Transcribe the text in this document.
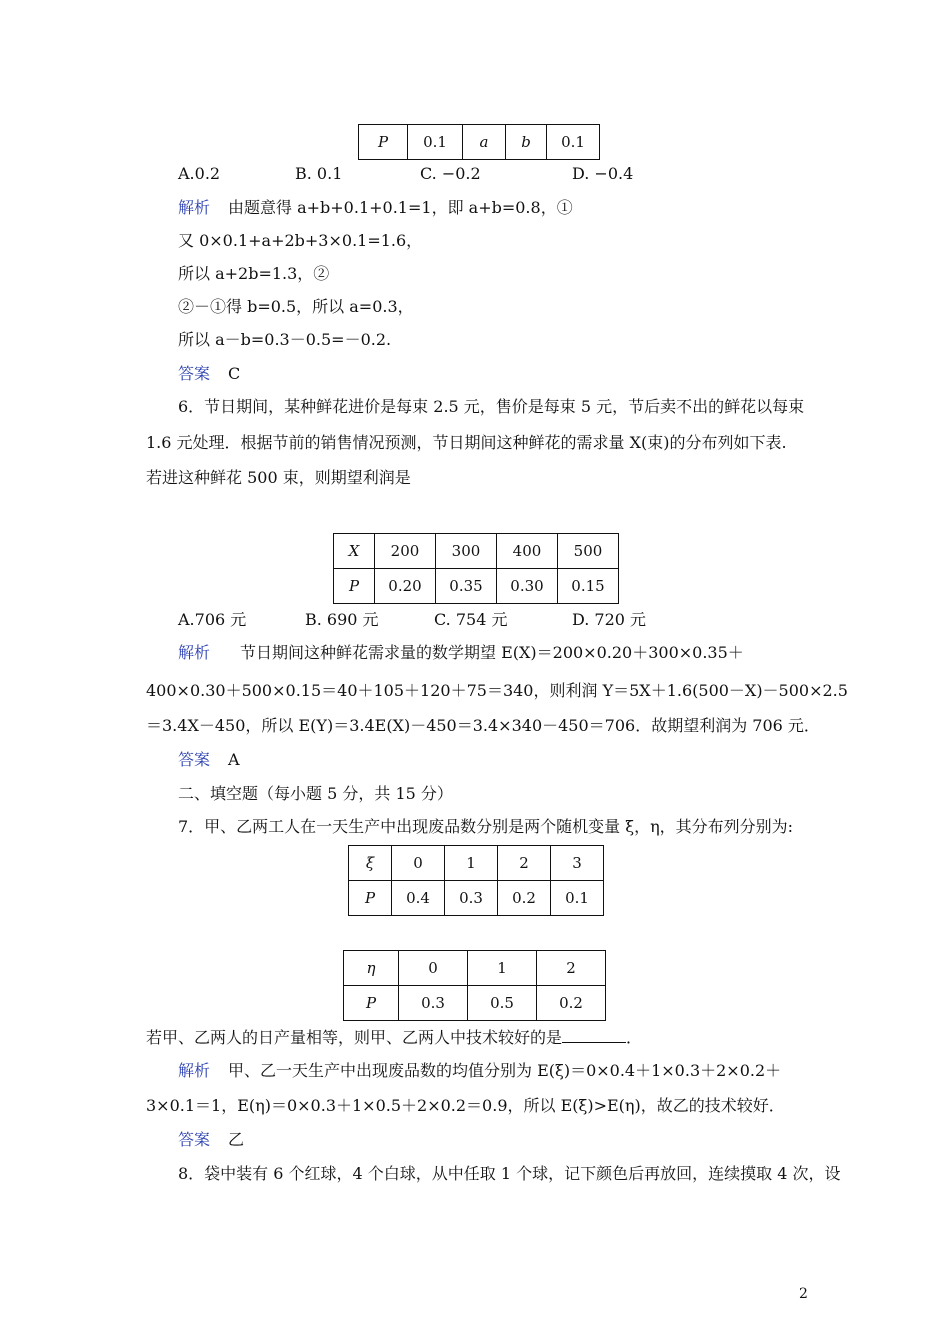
P	0.1	a	b	0.1
A.0.2	B. 0.1	C. −0.2	D. −0.4
解析 由题意得 a+b+0.1+0.1=1，即 a+b=0.8，①
又 0×0.1+a+2b+3×0.1=1.6，
所以 a+2b=1.3，②
②－①得 b=0.5，所以 a=0.3，
所以 a－b=0.3－0.5=－0.2.
答案 C
6．节日期间，某种鲜花进价是每束 2.5 元，售价是每束 5 元，节后卖不出的鲜花以每束
1.6 元处理．根据节前的销售情况预测，节日期间这种鲜花的需求量 X(束)的分布列如下表.
若进这种鲜花 500 束，则期望利润是
X	200	300	400	500
P	0.20	0.35	0.30	0.15
A.706 元	B. 690 元	C. 754 元	D. 720 元
解析 节日期间这种鲜花需求量的数学期望 E(X)＝200×0.20＋300×0.35＋
400×0.30＋500×0.15＝40＋105＋120＋75＝340，则利润 Y＝5X＋1.6(500－X)－500×2.5
＝3.4X－450，所以 E(Y)＝3.4E(X)－450＝3.4×340－450＝706．故期望利润为 706 元．
答案 A
二、填空题（每小题 5 分，共 15 分）
7．甲、乙两工人在一天生产中出现废品数分别是两个随机变量 ξ，η，其分布列分别为:
ξ	0	1	2	3
P	0.4	0.3	0.2	0.1
η	0	1	2
P	0.3	0.5	0.2
若甲、乙两人的日产量相等，则甲、乙两人中技术较好的是	．
解析 甲、乙一天生产中出现废品数的均值分别为 E(ξ)＝0×0.4＋1×0.3＋2×0.2＋
3×0.1＝1，E(η)＝0×0.3＋1×0.5＋2×0.2＝0.9，所以 E(ξ)>E(η)，故乙的技术较好．
答案 乙
8．袋中装有 6 个红球，4 个白球，从中任取 1 个球，记下颜色后再放回，连续摸取 4 次，设
2
